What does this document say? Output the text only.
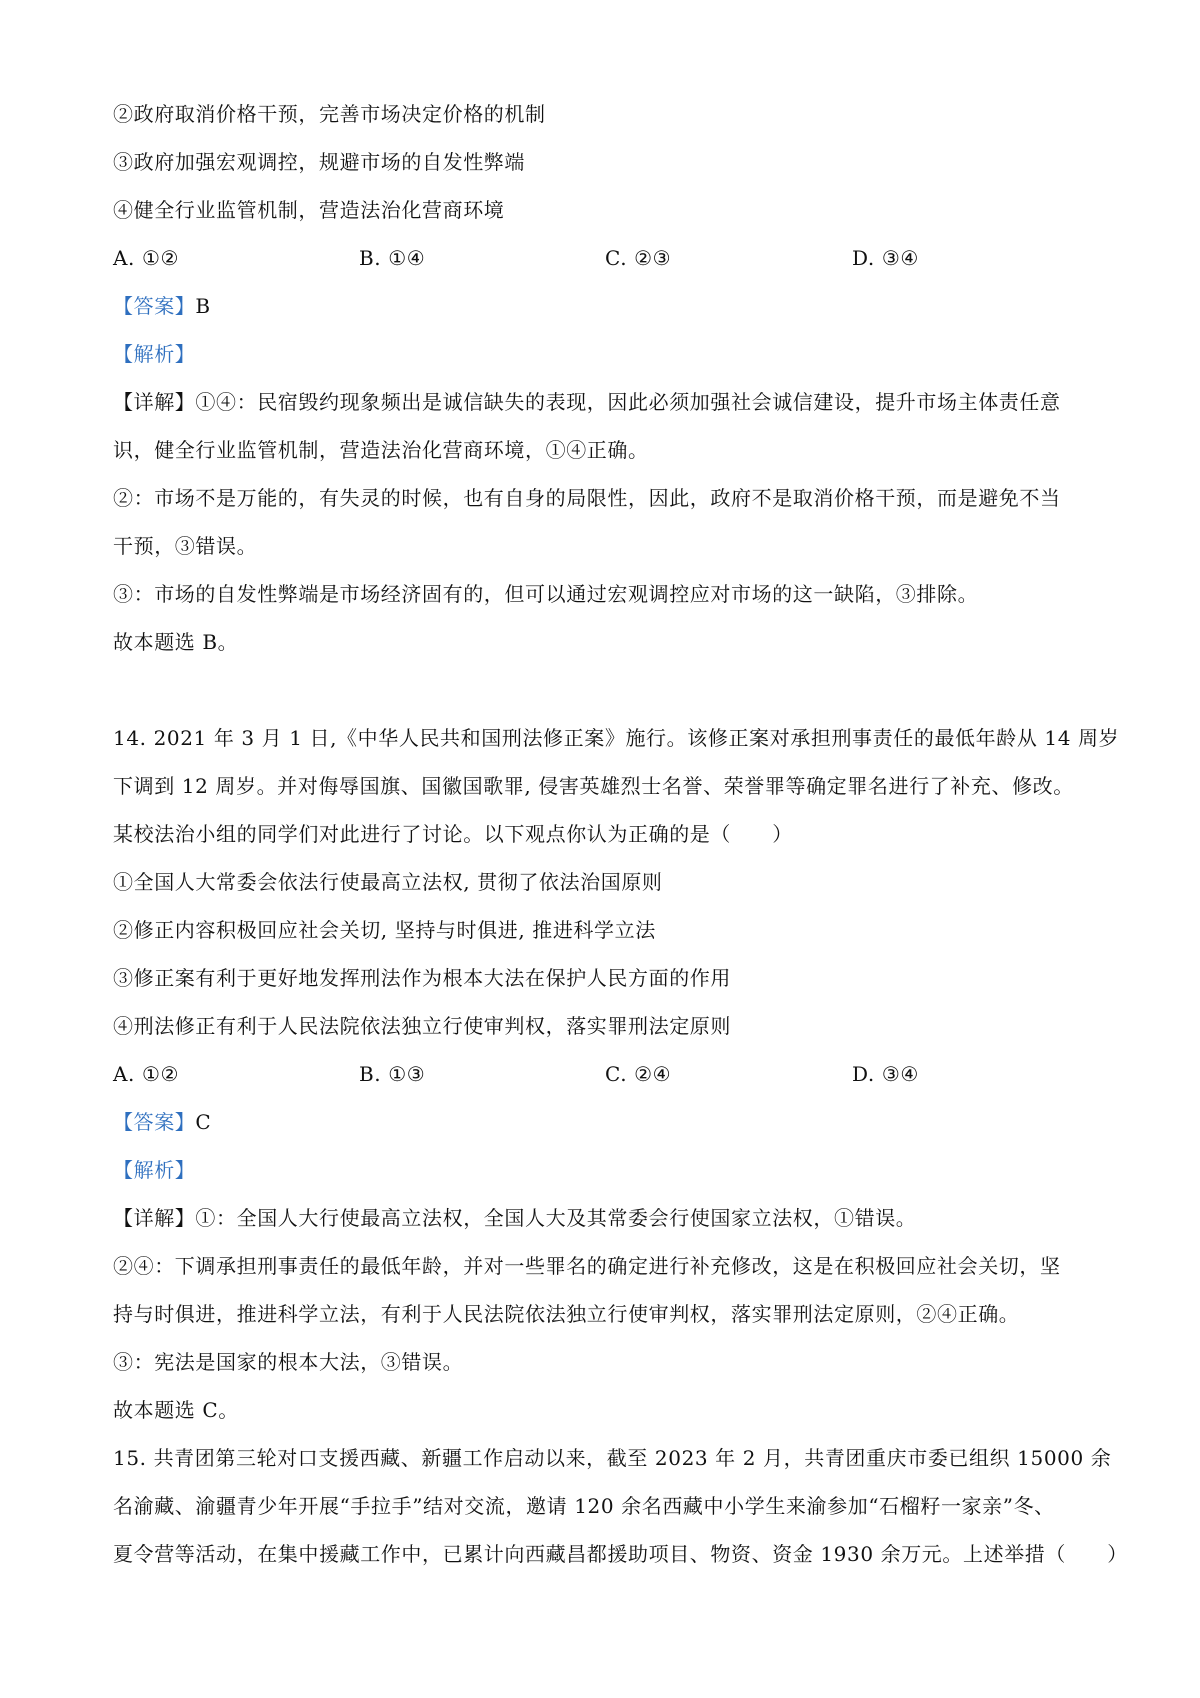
②政府取消价格干预，完善市场决定价格的机制
③政府加强宏观调控，规避市场的自发性弊端
④健全行业监管机制，营造法治化营商环境
A. ①②	B. ①④	C. ②③	D. ③④
【答案】B
【解析】
【详解】①④：民宿毁约现象频出是诚信缺失的表现，因此必须加强社会诚信建设，提升市场主体责任意
识，健全行业监管机制，营造法治化营商环境，①④正确。
②：市场不是万能的，有失灵的时候，也有自身的局限性，因此，政府不是取消价格干预，而是避免不当
干预，③错误。
③：市场的自发性弊端是市场经济固有的，但可以通过宏观调控应对市场的这一缺陷，③排除。
故本题选 B。
14. 2021 年 3 月 1 日,《中华人民共和国刑法修正案》施行。该修正案对承担刑事责任的最低年龄从 14 周岁
下调到 12 周岁。并对侮辱国旗、国徽国歌罪, 侵害英雄烈士名誉、荣誉罪等确定罪名进行了补充、修改。
某校法治小组的同学们对此进行了讨论。以下观点你认为正确的是（　　）
①全国人大常委会依法行使最高立法权, 贯彻了依法治国原则
②修正内容积极回应社会关切, 坚持与时俱进, 推进科学立法
③修正案有利于更好地发挥刑法作为根本大法在保护人民方面的作用
④刑法修正有利于人民法院依法独立行使审判权，落实罪刑法定原则
A. ①②	B. ①③	C. ②④	D. ③④
【答案】C
【解析】
【详解】①：全国人大行使最高立法权，全国人大及其常委会行使国家立法权，①错误。
②④：下调承担刑事责任的最低年龄，并对一些罪名的确定进行补充修改，这是在积极回应社会关切，坚
持与时俱进，推进科学立法，有利于人民法院依法独立行使审判权，落实罪刑法定原则，②④正确。
③：宪法是国家的根本大法，③错误。
故本题选 C。
15. 共青团第三轮对口支援西藏、新疆工作启动以来，截至 2023 年 2 月，共青团重庆市委已组织 15000 余
名渝藏、渝疆青少年开展“手拉手”结对交流，邀请 120 余名西藏中小学生来渝参加“石榴籽一家亲”冬、
夏令营等活动，在集中援藏工作中，已累计向西藏昌都援助项目、物资、资金 1930 余万元。上述举措（　　）
